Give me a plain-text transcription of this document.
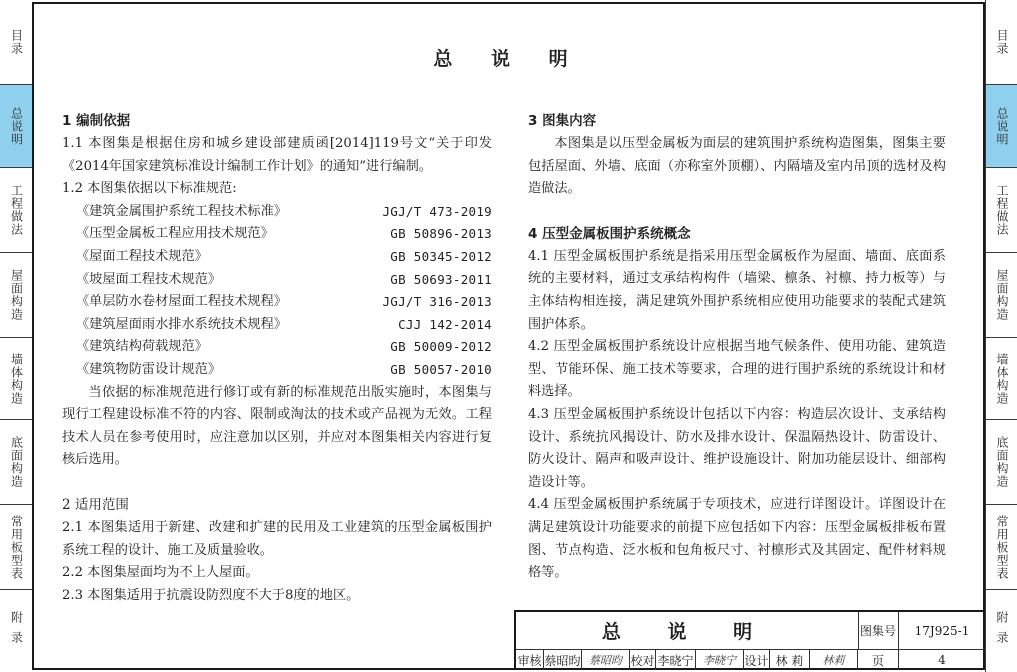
目录
总说明
工程做法
屋面构造
墙体构造
底面构造
常用板型表
附录
目录
总说明
工程做法
屋面构造
墙体构造
底面构造
常用板型表
附录
总 说 明
1 编制依据
1.1 本图集是根据住房和城乡建设部建质函[2014]119号文“关于印发《2014年国家建筑标准设计编制工作计划》的通知”进行编制。
1.2 本图集依据以下标准规范:
《建筑金属围护系统工程技术标准》	JGJ/T 473-2019
《压型金属板工程应用技术规范》	GB 50896-2013
《屋面工程技术规范》	GB 50345-2012
《坡屋面工程技术规范》	GB 50693-2011
《单层防水卷材屋面工程技术规程》	JGJ/T 316-2013
《建筑屋面雨水排水系统技术规程》	CJJ 142-2014
《建筑结构荷载规范》	GB 50009-2012
《建筑物防雷设计规范》	GB 50057-2010
当依据的标准规范进行修订或有新的标准规范出版实施时，本图集与现行工程建设标准不符的内容、限制或淘汰的技术或产品视为无效。工程技术人员在参考使用时，应注意加以区别，并应对本图集相关内容进行复核后选用。
2 适用范围
2.1 本图集适用于新建、改建和扩建的民用及工业建筑的压型金属板围护系统工程的设计、施工及质量验收。
2.2 本图集屋面均为不上人屋面。
2.3 本图集适用于抗震设防烈度不大于8度的地区。
3 图集内容
本图集是以压型金属板为面层的建筑围护系统构造图集，图集主要包括屋面、外墙、底面（亦称室外顶棚）、内隔墙及室内吊顶的选材及构造做法。
4 压型金属板围护系统概念
4.1 压型金属板围护系统是指采用压型金属板作为屋面、墙面、底面系统的主要材料，通过支承结构构件（墙梁、檩条、衬檩、持力板等）与主体结构相连接，满足建筑外围护系统相应使用功能要求的装配式建筑围护体系。
4.2 压型金属板围护系统设计应根据当地气候条件、使用功能、建筑造型、节能环保、施工技术等要求，合理的进行围护系统的系统设计和材料选择。
4.3 压型金属板围护系统设计包括以下内容：构造层次设计、支承结构设计、系统抗风揭设计、防水及排水设计、保温隔热设计、防雷设计、防火设计、隔声和吸声设计、维护设施设计、附加功能层设计、细部构造设计等。
4.4 压型金属板围护系统属于专项技术，应进行详图设计。详图设计在满足建筑设计功能要求的前提下应包括如下内容：压型金属板排板布置图、节点构造、泛水板和包角板尺寸、衬檩形式及其固定、配件材料规格等。
总 说 明	图集号	17J925-1
审核 蔡昭昀 蔡昭昀 校对 李晓宁 李晓宁 设计 林 莉	林莉	页	4
